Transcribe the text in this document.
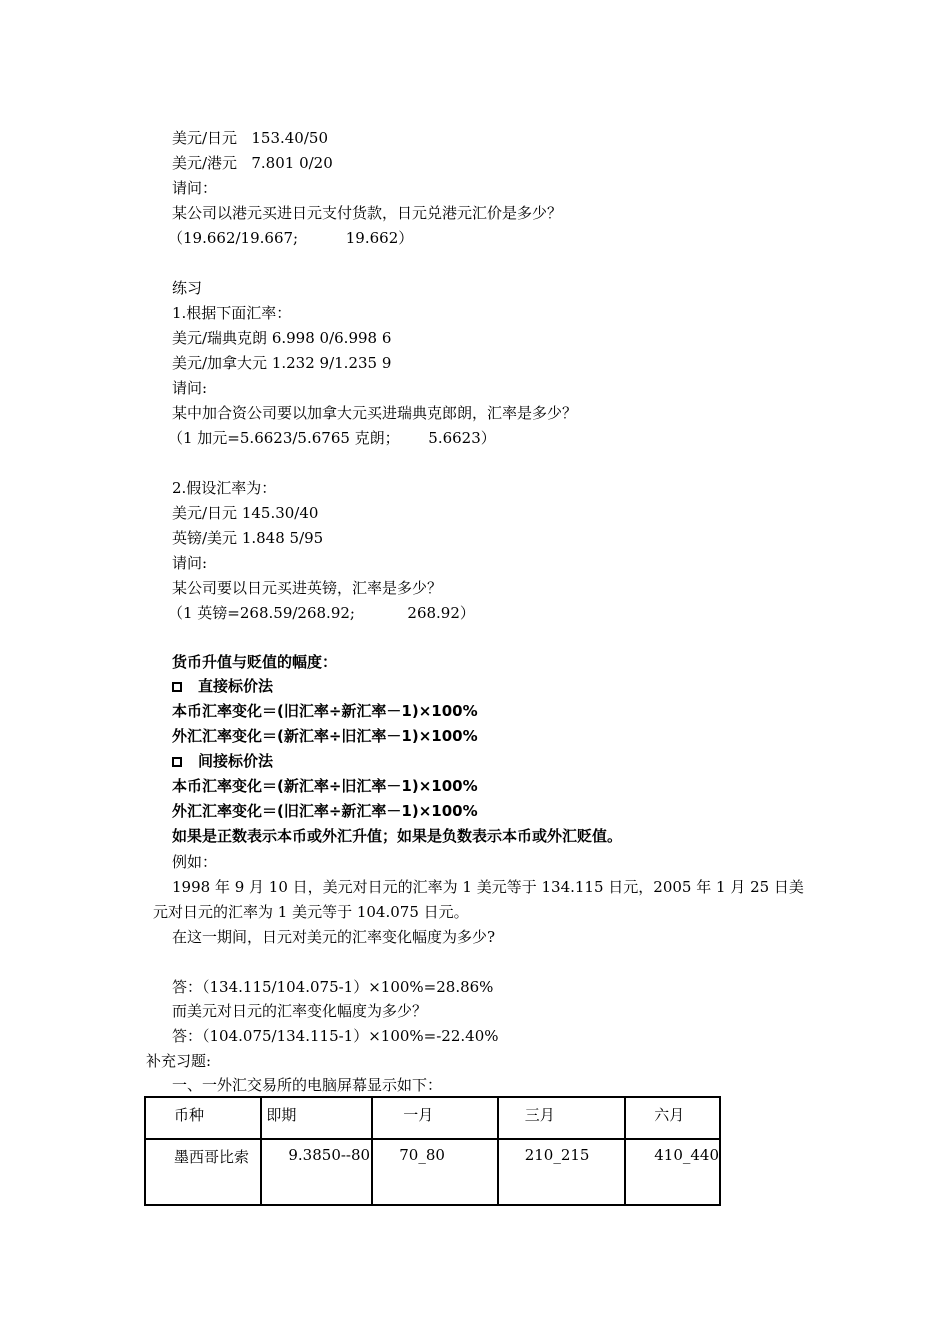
美元/日元   153.40/50

美元/港元   7.801 0/20

请问：

某公司以港元买进日元支付货款，日元兑港元汇价是多少？

（19.662/19.667;          19.662）

练习

1.根据下面汇率：

美元/瑞典克朗 6.998 0/6.998 6

美元/加拿大元 1.232 9/1.235 9

请问:

某中加合资公司要以加拿大元买进瑞典克郎朗，汇率是多少？

（1 加元=5.6623/5.6765 克朗；      5.6623）

2.假设汇率为：

美元/日元 145.30/40

英镑/美元 1.848 5/95

请问:

某公司要以日元买进英镑，汇率是多少？

（1 英镑=268.59/268.92;           268.92）

货币升值与贬值的幅度：

直接标价法

本币汇率变化＝(旧汇率÷新汇率－1)×100%

外汇汇率变化＝(新汇率÷旧汇率－1)×100%

间接标价法

本币汇率变化＝(新汇率÷旧汇率－1)×100%

外汇汇率变化＝(旧汇率÷新汇率－1)×100%

如果是正数表示本币或外汇升值；如果是负数表示本币或外汇贬值。

例如：

1998 年 9 月 10 日，美元对日元的汇率为 1 美元等于 134.115 日元，2005 年 1 月 25 日美

元对日元的汇率为 1 美元等于 104.075 日元。

在这一期间，日元对美元的汇率变化幅度为多少?

答：（134.115/104.075-1）×100%=28.86%

而美元对日元的汇率变化幅度为多少？

答：（104.075/134.115-1）×100%=-22.40%

补充习题:

一、一外汇交易所的电脑屏幕显示如下：

币种	即期	一月	三月	六月
墨西哥比索	9.3850--80	70_80	210_215	410_440
